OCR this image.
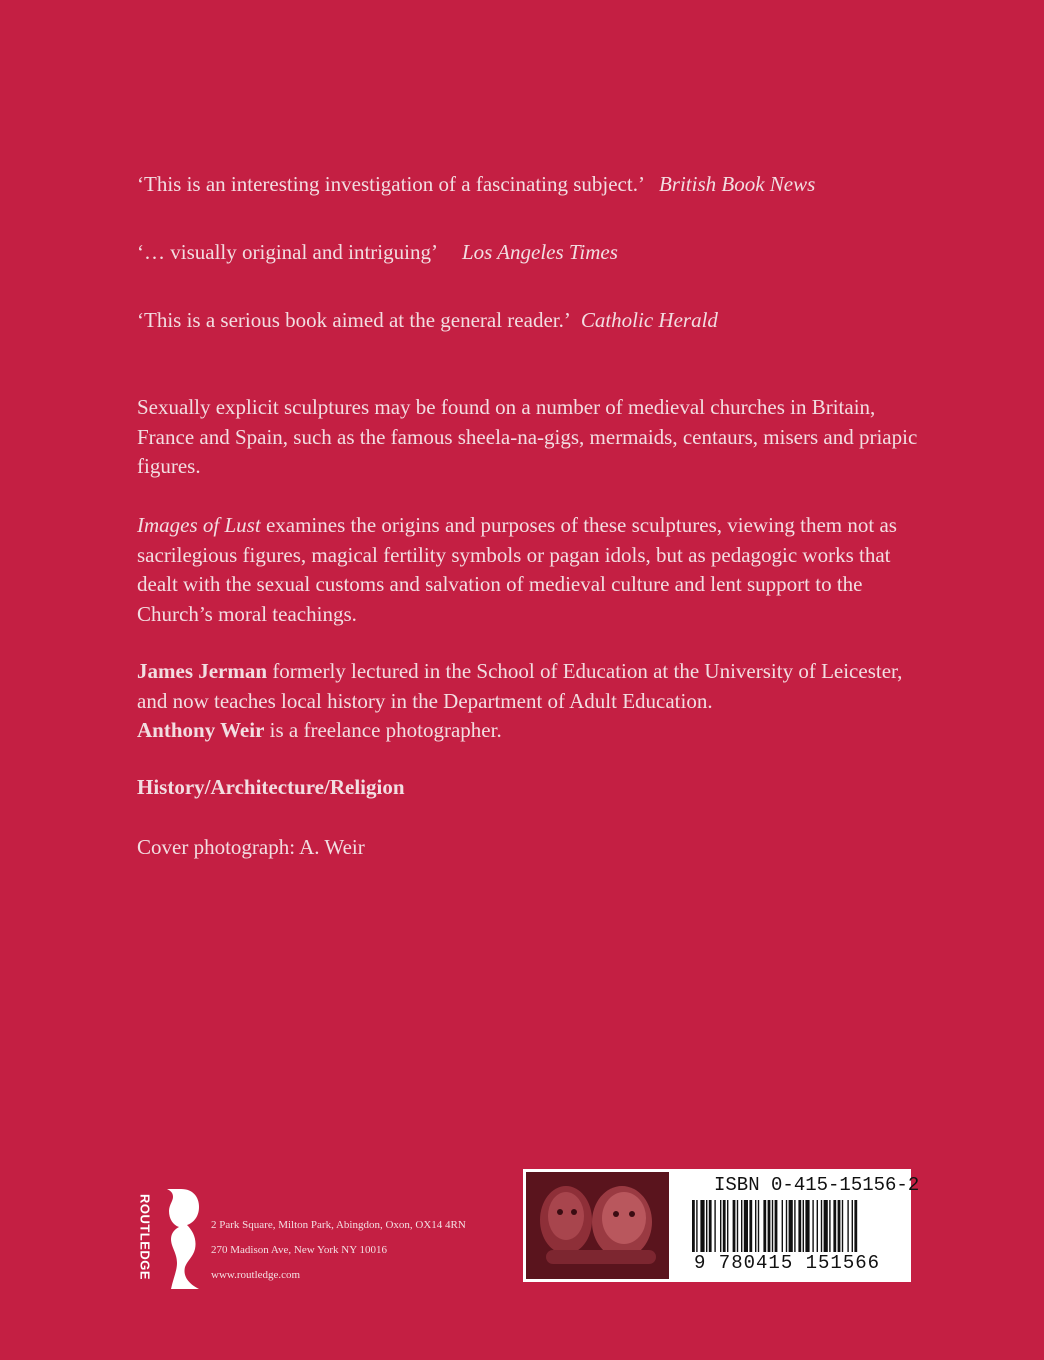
‘This is an interesting investigation of a fascinating subject.’ British Book News
‘… visually original and intriguing’ Los Angeles Times
‘This is a serious book aimed at the general reader.’ Catholic Herald

Sexually explicit sculptures may be found on a number of medieval churches in Britain, France and Spain, such as the famous sheela-na-gigs, mermaids, centaurs, misers and priapic figures.

Images of Lust examines the origins and purposes of these sculptures, viewing them not as sacrilegious figures, magical fertility symbols or pagan idols, but as pedagogic works that dealt with the sexual customs and salvation of medieval culture and lent support to the Church’s moral teachings.

James Jerman formerly lectured in the School of Education at the University of Leicester, and now teaches local history in the Department of Adult Education.

Anthony Weir is a freelance photographer.

History/Architecture/Religion
Cover photograph: A. Weir
ROUTLEDGE	2 Park Square, Milton Park, Abingdon, Oxon, OX14 4RN
270 Madison Ave, New York NY 10016
www.routledge.com
ISBN 0-415-15156-2
9 780415 151566
